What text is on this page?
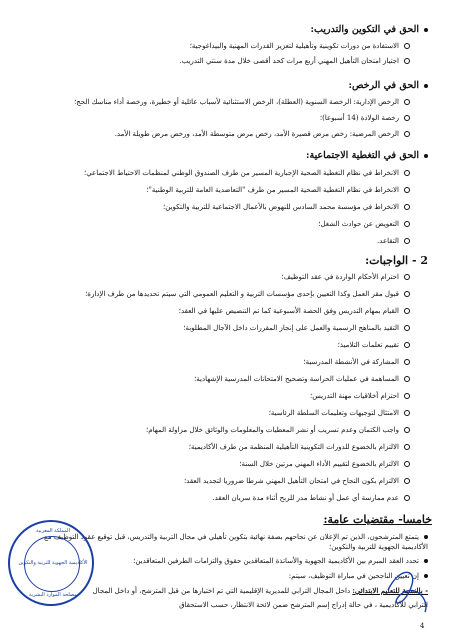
الحق في التكوين والتدريب:
الاستفادة من دورات تكوينية وتأهيلية لتعزيز القدرات المهنية والبيداغوجية؛
اجتياز امتحان التأهيل المهني أربع مرات كحد أقصى خلال مدة سنتي التدريب.
الحق في الرخص:
الرخص الإدارية: الرخصة السنوية (العطلة)، الرخص الاستثنائية لأسباب عائلية أو خطيرة، ورخصة أداء مناسك الحج؛
رخصة الولادة (14 أسبوعا)؛
الرخص المرضية: رخص مرض قصيرة الأمد، رخص مرض متوسطة الأمد، ورخص مرض طويلة الأمد.
الحق في التغطية الاجتماعية:
الانخراط في نظام التغطية الصحية الإجبارية المسير من طرف الصندوق الوطني لمنظمات الاحتياط الاجتماعي؛
الانخراط في نظام التغطية الصحية المسير من طرف "التعاضدية العامة للتربية الوطنية"؛
الانخراط في مؤسسة محمد السادس للنهوض بالأعمال الاجتماعية للتربية والتكوين؛
التعويض عن حوادث الشغل؛
التقاعد.
2 - الواجبات:
احترام الأحكام الواردة في عقد التوظيف؛
قبول مقر العمل وكذا التعيين بإحدى مؤسسات التربية و التعليم العمومي التي سيتم تحديدها من طرف الإدارة؛
القيام بمهام التدريس وفق الحصة الأسبوعية كما تم التنصيص عليها في العقد؛
التقيد بالمناهج الرسمية والعمل على إنجاز المقررات داخل الآجال المطلوبة؛
تقييم تعلمات التلاميذ؛
المشاركة في الأنشطة المدرسية؛
المساهمة في عمليات الحراسة وتصحيح الامتحانات المدرسية الإشهادية؛
احترام أخلاقيات مهنة التدريس؛
الامتثال لتوجيهات وتعليمات السلطة الرئاسية؛
واجب الكتمان وعدم تسريب أو نشر المعطيات والمعلومات والوثائق خلال مزاولة المهام؛
الالتزام بالخضوع للدورات التكوينية التأهيلية المنظمة من طرف الأكاديمية؛
الالتزام بالخضوع لتقييم الأداء المهني مرتين خلال السنة؛
الالتزام بكون النجاح في امتحان التأهيل المهني شرطا ضروريا لتجديد العقد؛
عدم ممارسة أي عمل أو نشاط مدر للربح أثناء مدة سريان العقد.
خامسا- مقتضيات عامة:
يتمتع المترشحون، الذين تم الإعلان عن نجاحهم بصفة نهائية بتكوين تأهيلي في مجال التربية والتدريس، قبل توقيع عقود التوظيف مع الأكاديمية الجهوية للتربية والتكوين؛
تحدد العقد المبرم بين الأكاديمية الجهوية والأساتذة المتعاقدين حقوق والتزامات الطرفين المتعاقدين؛
إن تعيين الناجحين في مباراة التوظيف، سيتم:
- بالنسبة للتعليم الابتدائي: داخل المجال الترابي للمديرية الإقليمية التي تم اختيارها من قبل المترشح، أو داخل المجال
الترابي للأكاديمية ، في حالة إدراج إسم المترشح ضمن لائحة الانتظار، حسب الاستحقاق
المملكة المغربية
الأكاديمية الجهوية للتربية والتكوين
مصلحة الموارد البشرية
4
